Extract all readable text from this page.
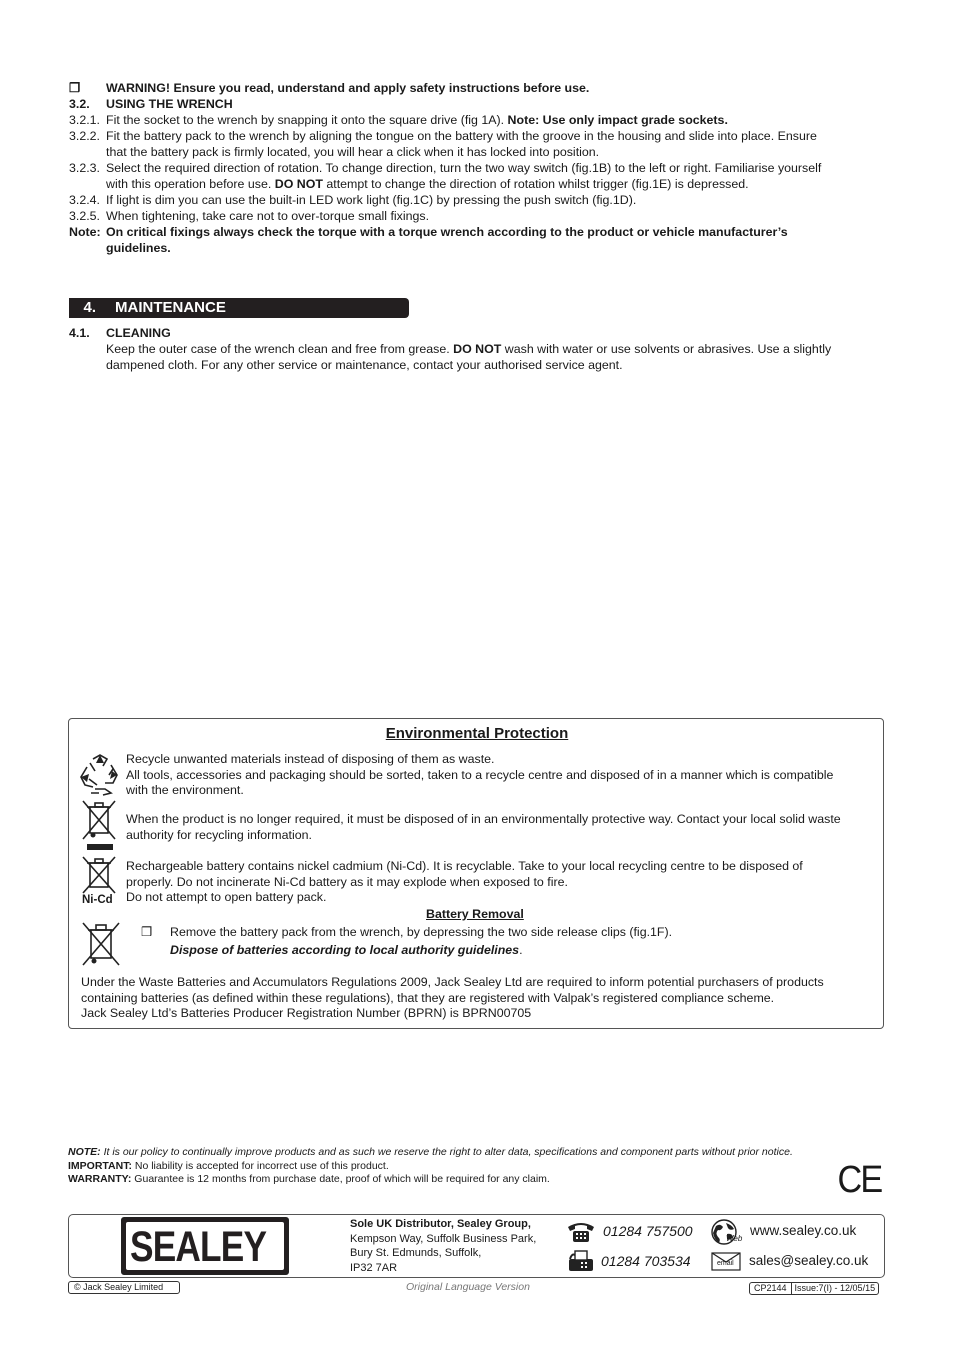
❒ WARNING! Ensure you read, understand and apply safety instructions before use.
3.2. USING THE WRENCH
3.2.1. Fit the socket to the wrench by snapping it onto the square drive (fig 1A). Note: Use only impact grade sockets.
3.2.2. Fit the battery pack to the wrench by aligning the tongue on the battery with the groove in the housing and slide into place. Ensure
that the battery pack is firmly located, you will hear a click when it has locked into position.
3.2.3. Select the required direction of rotation. To change direction, turn the two way switch (fig.1B) to the left or right. Familiarise yourself
with this operation before use. DO NOT attempt to change the direction of rotation whilst trigger (fig.1E) is depressed.
3.2.4. If light is dim you can use the built-in LED work light (fig.1C) by pressing the push switch (fig.1D).
3.2.5. When tightening, take care not to over-torque small fixings.
Note: On critical fixings always check the torque with a torque wrench according to the product or vehicle manufacturer’s
guidelines.
4. MAINTENANCE
4.1. CLEANING
Keep the outer case of the wrench clean and free from grease. DO NOT wash with water or use solvents or abrasives. Use a slightly
dampened cloth. For any other service or maintenance, contact your authorised service agent.
Environmental Protection
Ni-Cd
Recycle unwanted materials instead of disposing of them as waste.
All tools, accessories and packaging should be sorted, taken to a recycle centre and disposed of in a manner which is compatible
with the environment.
When the product is no longer required, it must be disposed of in an environmentally protective way. Contact your local solid waste
authority for recycling information.
Rechargeable battery contains nickel cadmium (Ni-Cd). It is recyclable. Take to your local recycling centre to be disposed of
properly. Do not incinerate Ni-Cd battery as it may explode when exposed to fire.
Do not attempt to open battery pack.
Battery Removal
❒ Remove the battery pack from the wrench, by depressing the two side release clips (fig.1F).
Dispose of batteries according to local authority guidelines.
Under the Waste Batteries and Accumulators Regulations 2009, Jack Sealey Ltd are required to inform potential purchasers of products
containing batteries (as defined within these regulations), that they are registered with Valpak’s registered compliance scheme.
Jack Sealey Ltd’s Batteries Producer Registration Number (BPRN) is BPRN00705
NOTE: It is our policy to continually improve products and as such we reserve the right to alter data, specifications and component parts without prior notice.
IMPORTANT: No liability is accepted for incorrect use of this product.
WARRANTY: Guarantee is 12 months from purchase date, proof of which will be required for any claim.	CE
SEALEY	Sole UK Distributor, Sealey Group,
Kempson Way, Suffolk Business Park,
Bury St. Edmunds, Suffolk,
IP32 7AR
01284 757500
01284 703534
Web
www.sealey.co.uk
email sales@sealey.co.uk
© Jack Sealey Limited	Original Language Version	CP2144 Issue:7(I) - 12/05/15
